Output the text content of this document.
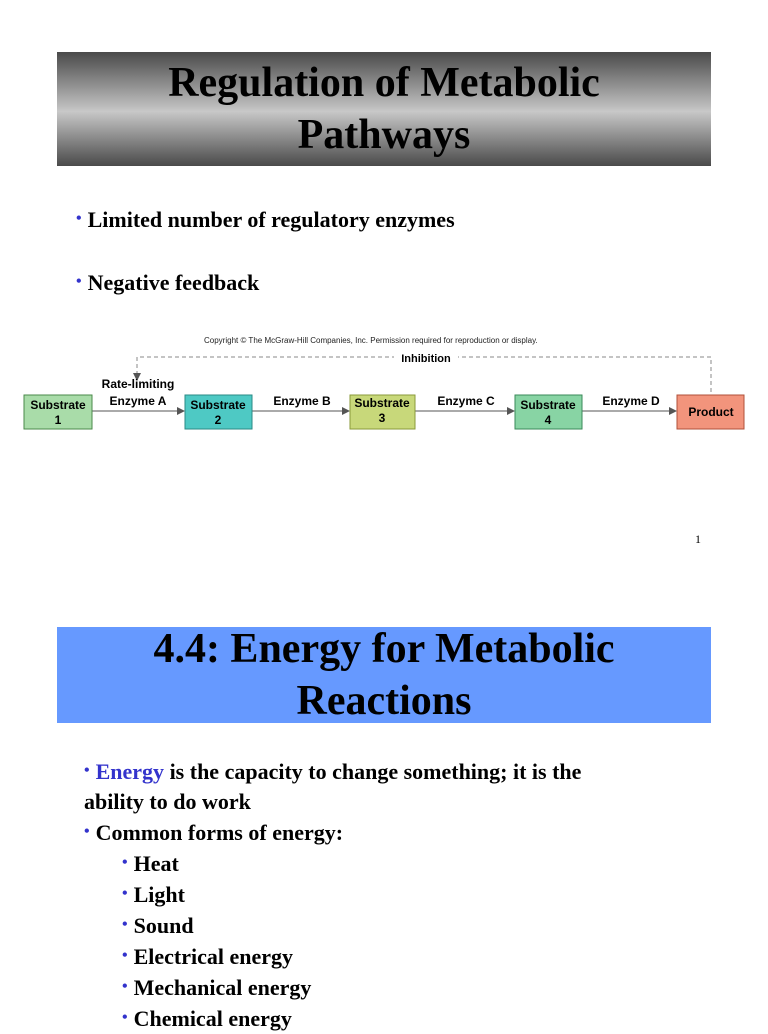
Regulation of Metabolic
Pathways
• Limited number of regulatory enzymes
• Negative feedback
Copyright © The McGraw-Hill Companies, Inc. Permission required for reproduction or display.
Inhibition
Rate-limiting
Enzyme A	Enzyme B	Enzyme C	Enzyme D
Substrate
1
Substrate
2
Substrate
3
Substrate
4
Product
1
4.4: Energy for Metabolic
Reactions
• Energy is the capacity to change something; it is the
ability to do work
• Common forms of energy:
• Heat
• Light
• Sound
• Electrical energy
• Mechanical energy
• Chemical energy
